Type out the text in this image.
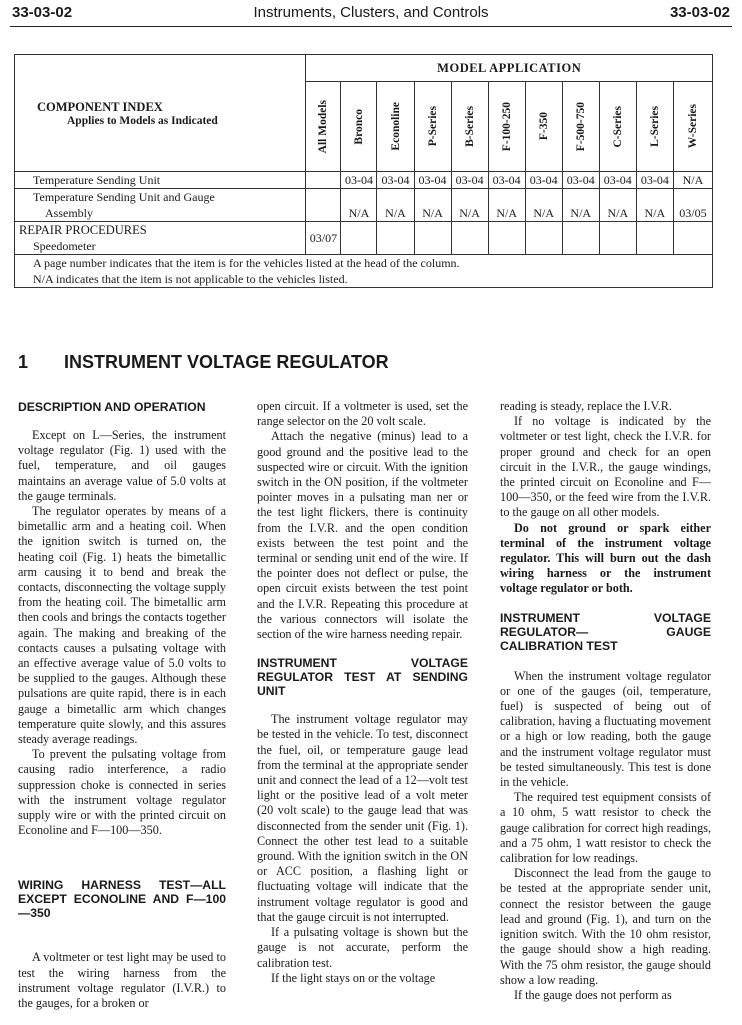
33-03-02	Instruments, Clusters, and Controls	33-03-02
COMPONENT INDEX
Applies to Models as Indicated	MODEL APPLICATION										

	All Models	Bronco	Econoline	P-Series	B-Series	F-100-250	F-350	F-500-750	C-Series	L-Series	W-Series

Temperature Sending Unit		03-04	03-04	03-04	03-04	03-04	03-04	03-04	03-04	03-04	N/A

Temperature Sending Unit and Gauge
Assembly		N/A	N/A	N/A	N/A	N/A	N/A	N/A	N/A	N/A	03/05

REPAIR PROCEDURES
Speedometer	03/07										

A page number indicates that the item is for the vehicles listed at the head of the column.
N/A indicates that the item is not applicable to the vehicles listed.											
1 INSTRUMENT VOLTAGE REGULATOR

DESCRIPTION AND OPERATION

Except on L—Series, the instrument voltage regulator (Fig. 1) used with the fuel, temperature, and oil gauges maintains an average value of 5.0 volts at the gauge terminals.

The regulator operates by means of a bimetallic arm and a heating coil. When the ignition switch is turned on, the heating coil (Fig. 1) heats the bimetallic arm causing it to bend and break the contacts, disconnecting the voltage supply from the heating coil. The bimetallic arm then cools and brings the contacts together again. The making and breaking of the contacts causes a pulsating voltage with an effective average value of 5.0 volts to be supplied to the gauges. Although these pulsations are quite rapid, there is in each gauge a bimetallic arm which changes temperature quite slowly, and this assures steady average readings.

To prevent the pulsating voltage from causing radio interference, a radio suppression choke is connected in series with the instrument voltage regulator supply wire or with the printed circuit on Econoline and F—100—350.

WIRING HARNESS TEST—ALL EXCEPT ECONOLINE AND F—100—350

A voltmeter or test light may be used to test the wiring harness from the instrument voltage regulator (I.V.R.) to the gauges, for a broken or

open circuit. If a voltmeter is used, set the range selector on the 20 volt scale.

Attach the negative (minus) lead to a good ground and the positive lead to the suspected wire or circuit. With the ignition switch in the ON position, if the voltmeter pointer moves in a pulsating man ner or the test light flickers, there is continuity from the I.V.R. and the open condition exists between the test point and the terminal or sending unit end of the wire. If the pointer does not deflect or pulse, the open circuit exists between the test point and the I.V.R. Repeating this procedure at the various connectors will isolate the section of the wire harness needing repair.

INSTRUMENT VOLTAGE REGULATOR TEST AT SENDING UNIT

The instrument voltage regulator may be tested in the vehicle. To test, disconnect the fuel, oil, or temperature gauge lead from the terminal at the appropriate sender unit and connect the lead of a 12—volt test light or the positive lead of a volt meter (20 volt scale) to the gauge lead that was disconnected from the sender unit (Fig. 1). Connect the other test lead to a suitable ground. With the ignition switch in the ON or ACC position, a flashing light or fluctuating voltage will indicate that the instrument voltage regulator is good and that the gauge circuit is not interrupted.

If a pulsating voltage is shown but the gauge is not accurate, perform the calibration test.

If the light stays on or the voltage

reading is steady, replace the I.V.R.

If no voltage is indicated by the voltmeter or test light, check the I.V.R. for proper ground and check for an open circuit in the I.V.R., the gauge windings, the printed circuit on Econoline and F—100—350, or the feed wire from the I.V.R. to the gauge on all other models.

Do not ground or spark either terminal of the instrument voltage regulator. This will burn out the dash wiring harness or the instrument voltage regulator or both.

INSTRUMENT VOLTAGE REGULATOR— GAUGE CALIBRATION TEST

When the instrument voltage regulator or one of the gauges (oil, temperature, fuel) is suspected of being out of calibration, having a fluctuating movement or a high or low reading, both the gauge and the instrument voltage regulator must be tested simultaneously. This test is done in the vehicle.

The required test equipment consists of a 10 ohm, 5 watt resistor to check the gauge calibration for correct high readings, and a 75 ohm, 1 watt resistor to check the calibration for low readings.

Disconnect the lead from the gauge to be tested at the appropriate sender unit, connect the resistor between the gauge lead and ground (Fig. 1), and turn on the ignition switch. With the 10 ohm resistor, the gauge should show a high reading. With the 75 ohm resistor, the gauge should show a low reading.

If the gauge does not perform as
